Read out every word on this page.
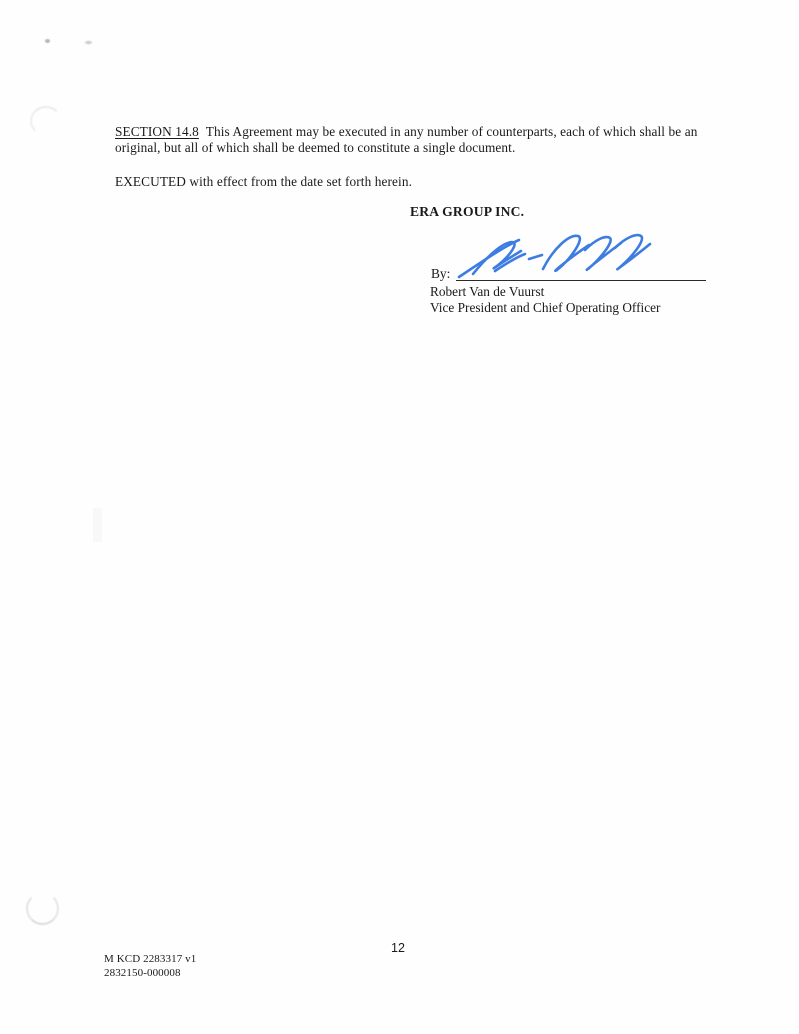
SECTION 14.8 This Agreement may be executed in any number of counterparts, each of which shall be an original, but all of which shall be deemed to constitute a single document.

EXECUTED with effect from the date set forth herein.

ERA GROUP INC.
By:
Robert Van de Vuurst
Vice President and Chief Operating Officer
12
M KCD 2283317 v1
2832150-000008
